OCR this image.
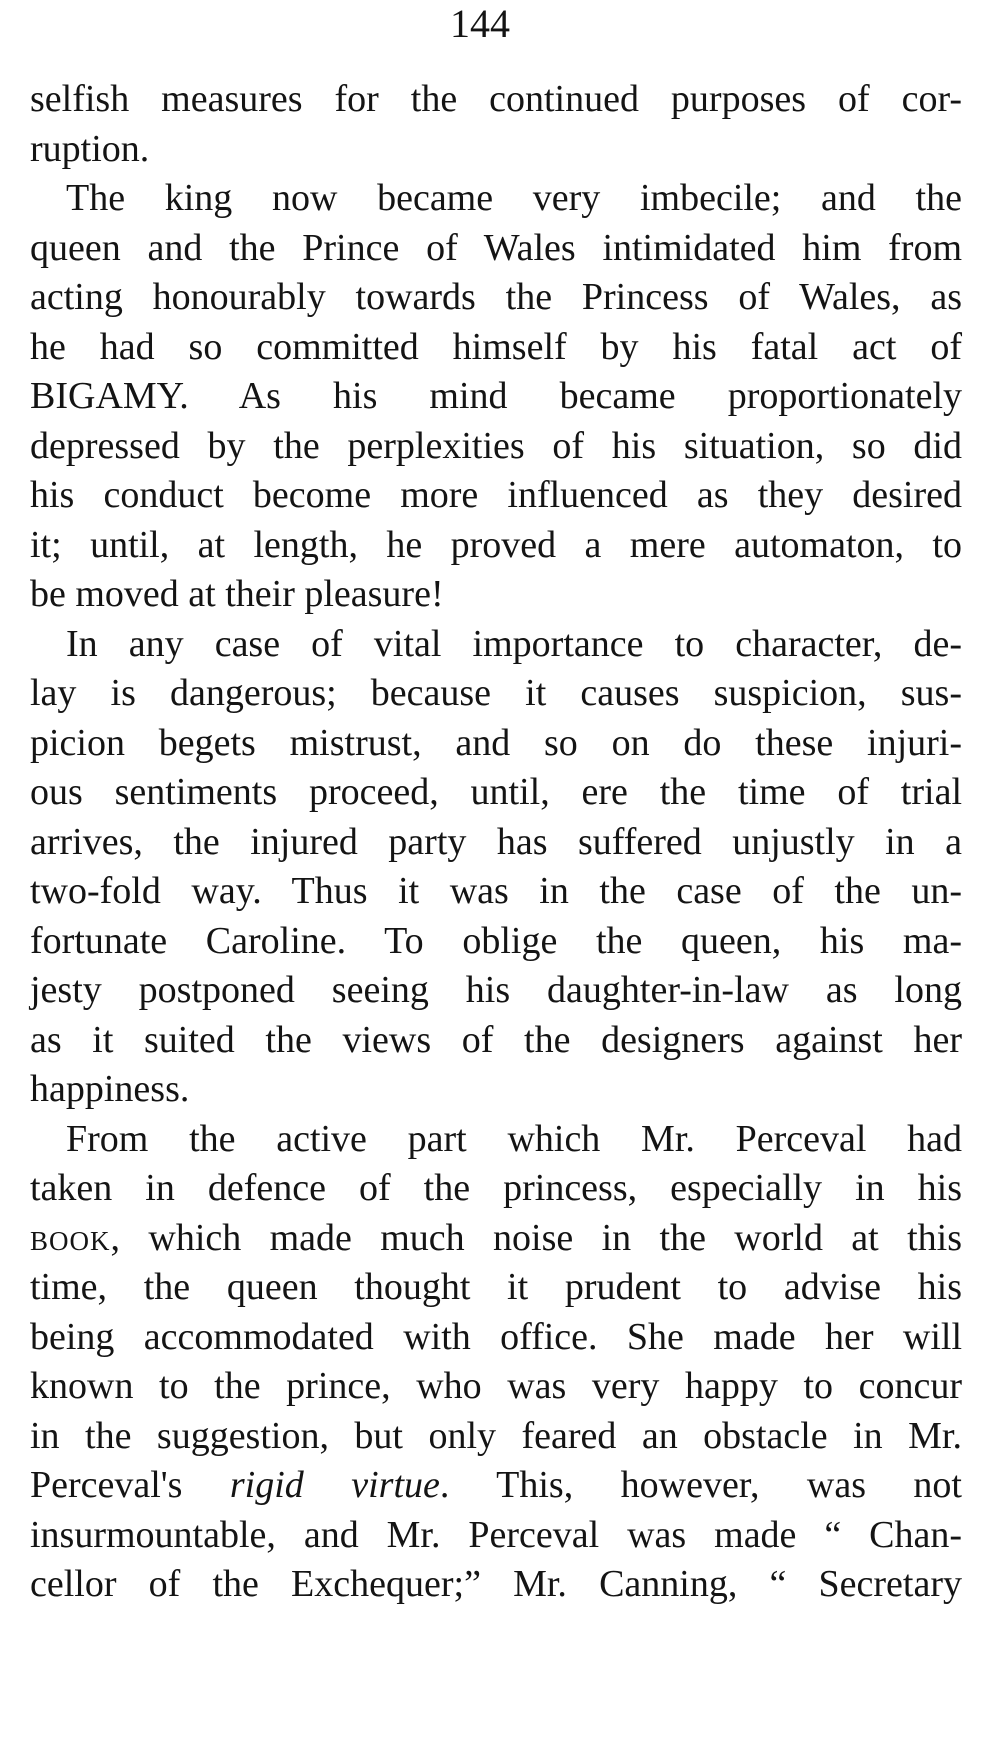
144
selfish measures for the continued purposes of cor-
ruption.
The king now became very imbecile; and the
queen and the Prince of Wales intimidated him from
acting honourably towards the Princess of Wales, as
he had so committed himself by his fatal act of
BIGAMY. As his mind became proportionately
depressed by the perplexities of his situation, so did
his conduct become more influenced as they desired
it; until, at length, he proved a mere automaton, to
be moved at their pleasure!
In any case of vital importance to character, de-
lay is dangerous; because it causes suspicion, sus-
picion begets mistrust, and so on do these injuri-
ous sentiments proceed, until, ere the time of trial
arrives, the injured party has suffered unjustly in a
two-fold way. Thus it was in the case of the un-
fortunate Caroline. To oblige the queen, his ma-
jesty postponed seeing his daughter-in-law as long
as it suited the views of the designers against her
happiness.
From the active part which Mr. Perceval had
taken in defence of the princess, especially in his
book, which made much noise in the world at this
time, the queen thought it prudent to advise his
being accommodated with office. She made her will
known to the prince, who was very happy to concur
in the suggestion, but only feared an obstacle in Mr.
Perceval's rigid virtue. This, however, was not
insurmountable, and Mr. Perceval was made “ Chan-
cellor of the Exchequer;” Mr. Canning, “ Secretary
